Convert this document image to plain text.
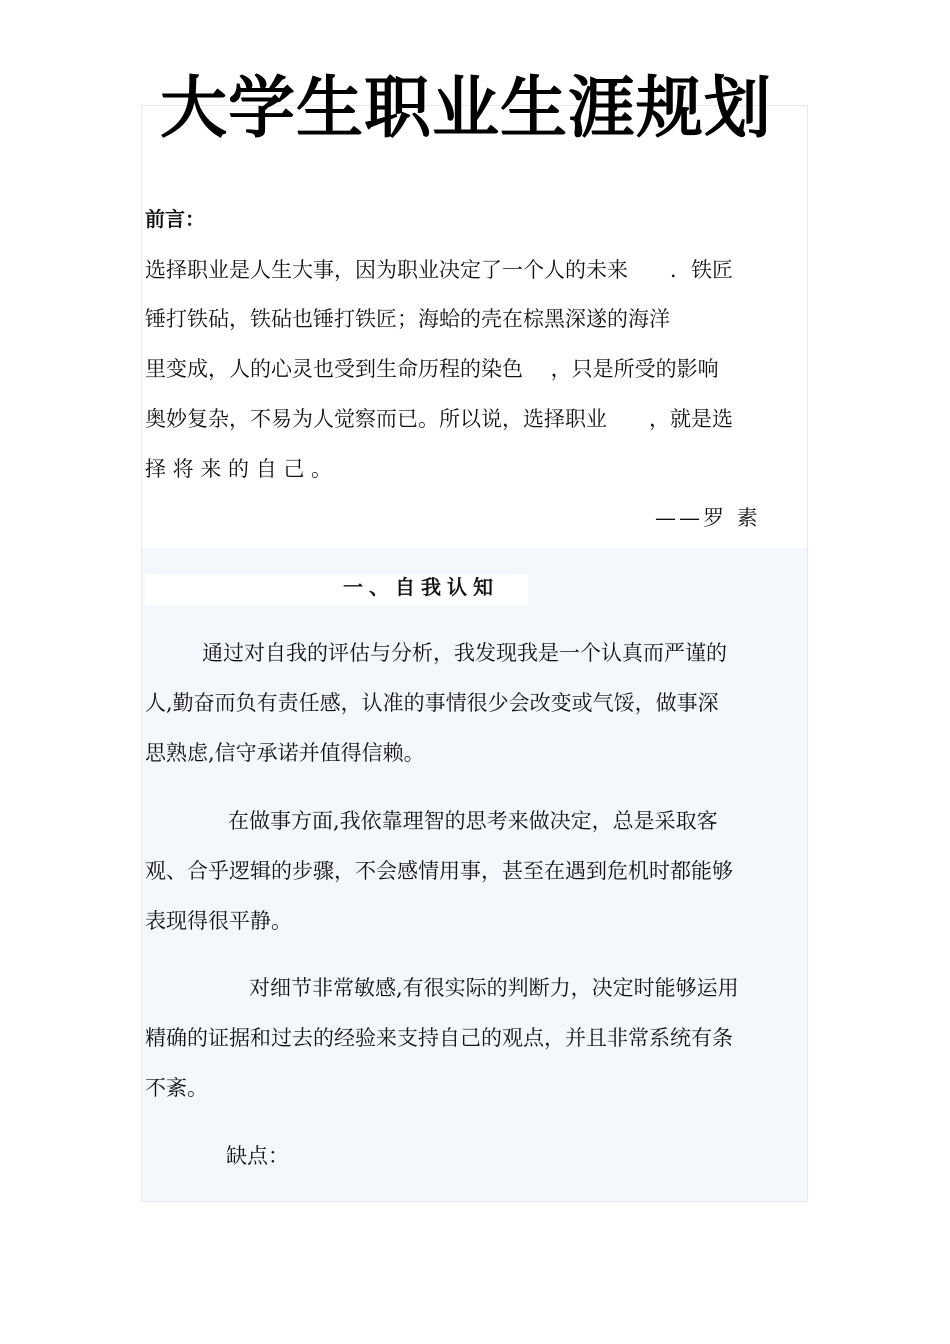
大学生职业生涯规划
前言：
选择职业是人生大事，因为职业决定了一个人的未来　　．铁匠
锤打铁砧，铁砧也锤打铁匠；海蛤的壳在棕黑深遂的海洋
里变成，人的心灵也受到生命历程的染色　 ，只是所受的影响
奥妙复杂，不易为人觉察而已。所以说，选择职业　　，就是选
择 将 来 的 自 己 。
——罗 素
一、自我认知
通过对自我的评估与分析，我发现我是一个认真而严谨的
人,勤奋而负有责任感，认准的事情很少会改变或气馁，做事深
思熟虑,信守承诺并值得信赖。
在做事方面,我依靠理智的思考来做决定，总是采取客
观、合乎逻辑的步骤，不会感情用事，甚至在遇到危机时都能够
表现得很平静。
对细节非常敏感,有很实际的判断力，决定时能够运用
精确的证据和过去的经验来支持自己的观点，并且非常系统有条
不紊。
缺点：
